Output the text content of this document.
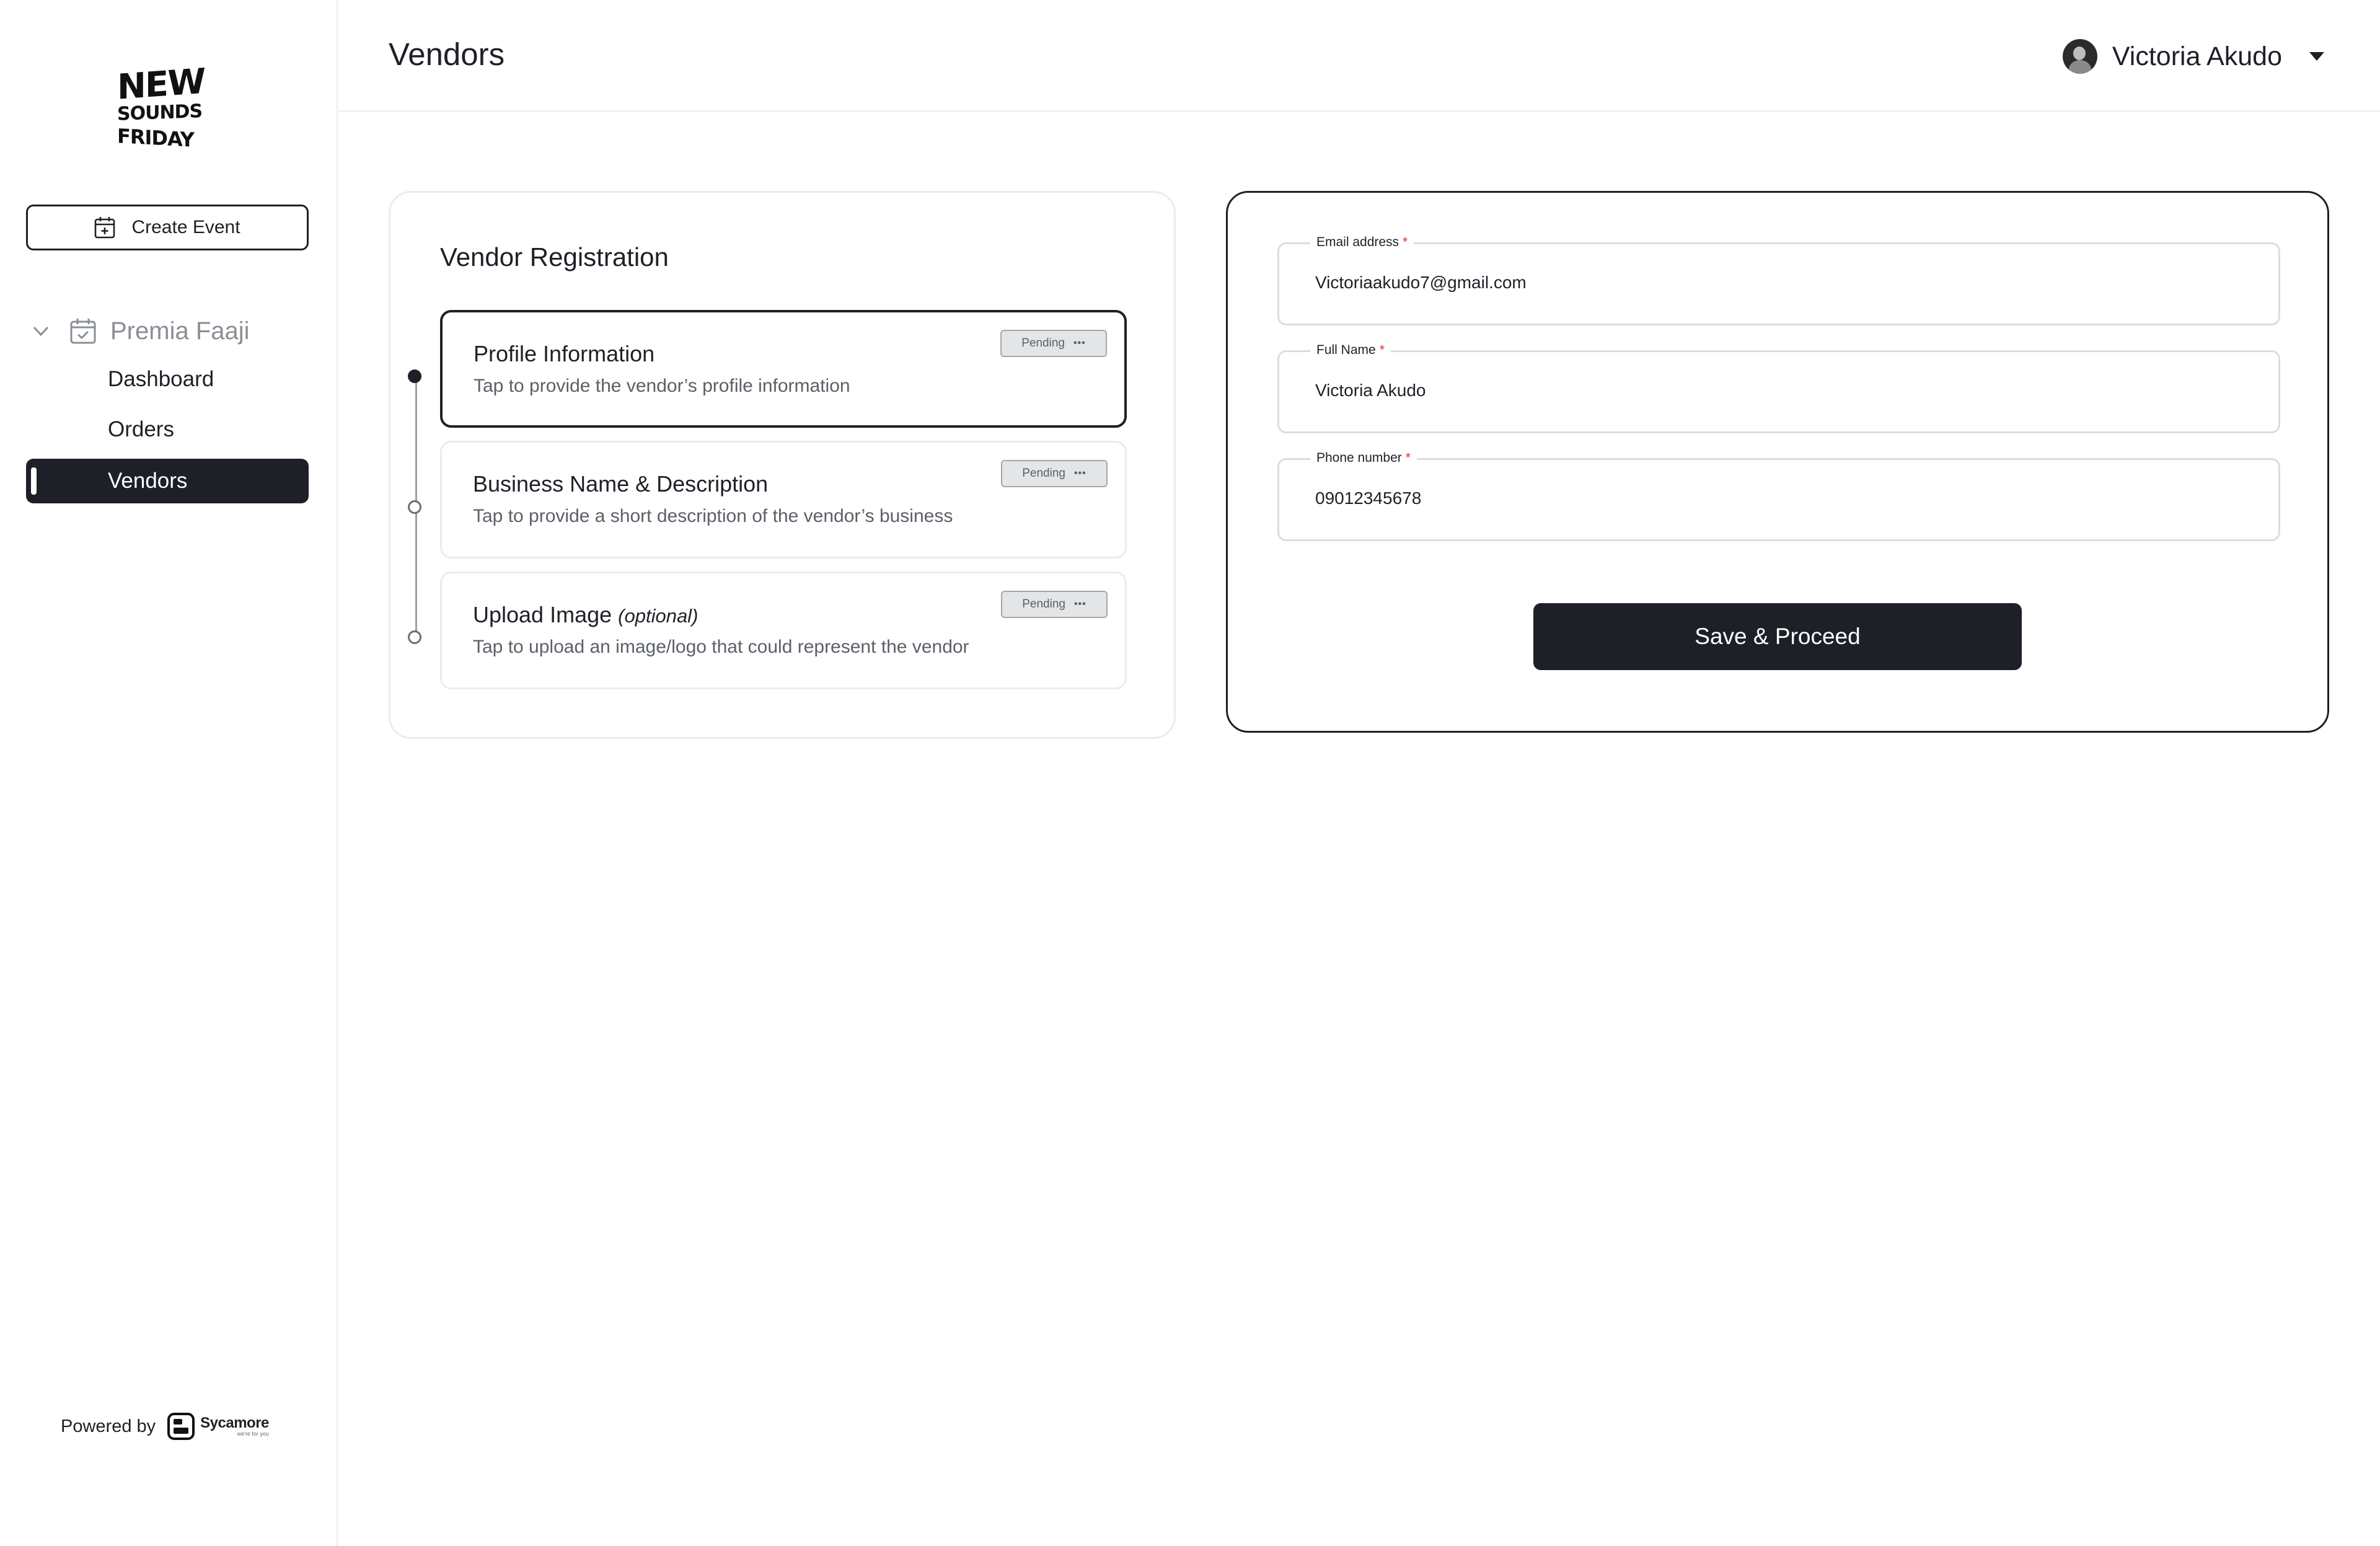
NEW
SOUNDS
FRIDAY
Create Event
Premia Faaji
Dashboard
Orders
Vendors
Powered by	Sycamore
we're for you
Vendors	Victoria Akudo
Vendor Registration
Profile Information
Tap to provide the vendor’s profile information
Pending •••
Business Name & Description
Tap to provide a short description of the vendor’s business
Pending •••
Upload Image (optional)
Tap to upload an image/logo that could represent the vendor
Pending •••
Email address *
Victoriaakudo7@gmail.com
Full Name *
Victoria Akudo
Phone number *
09012345678
Save & Proceed
